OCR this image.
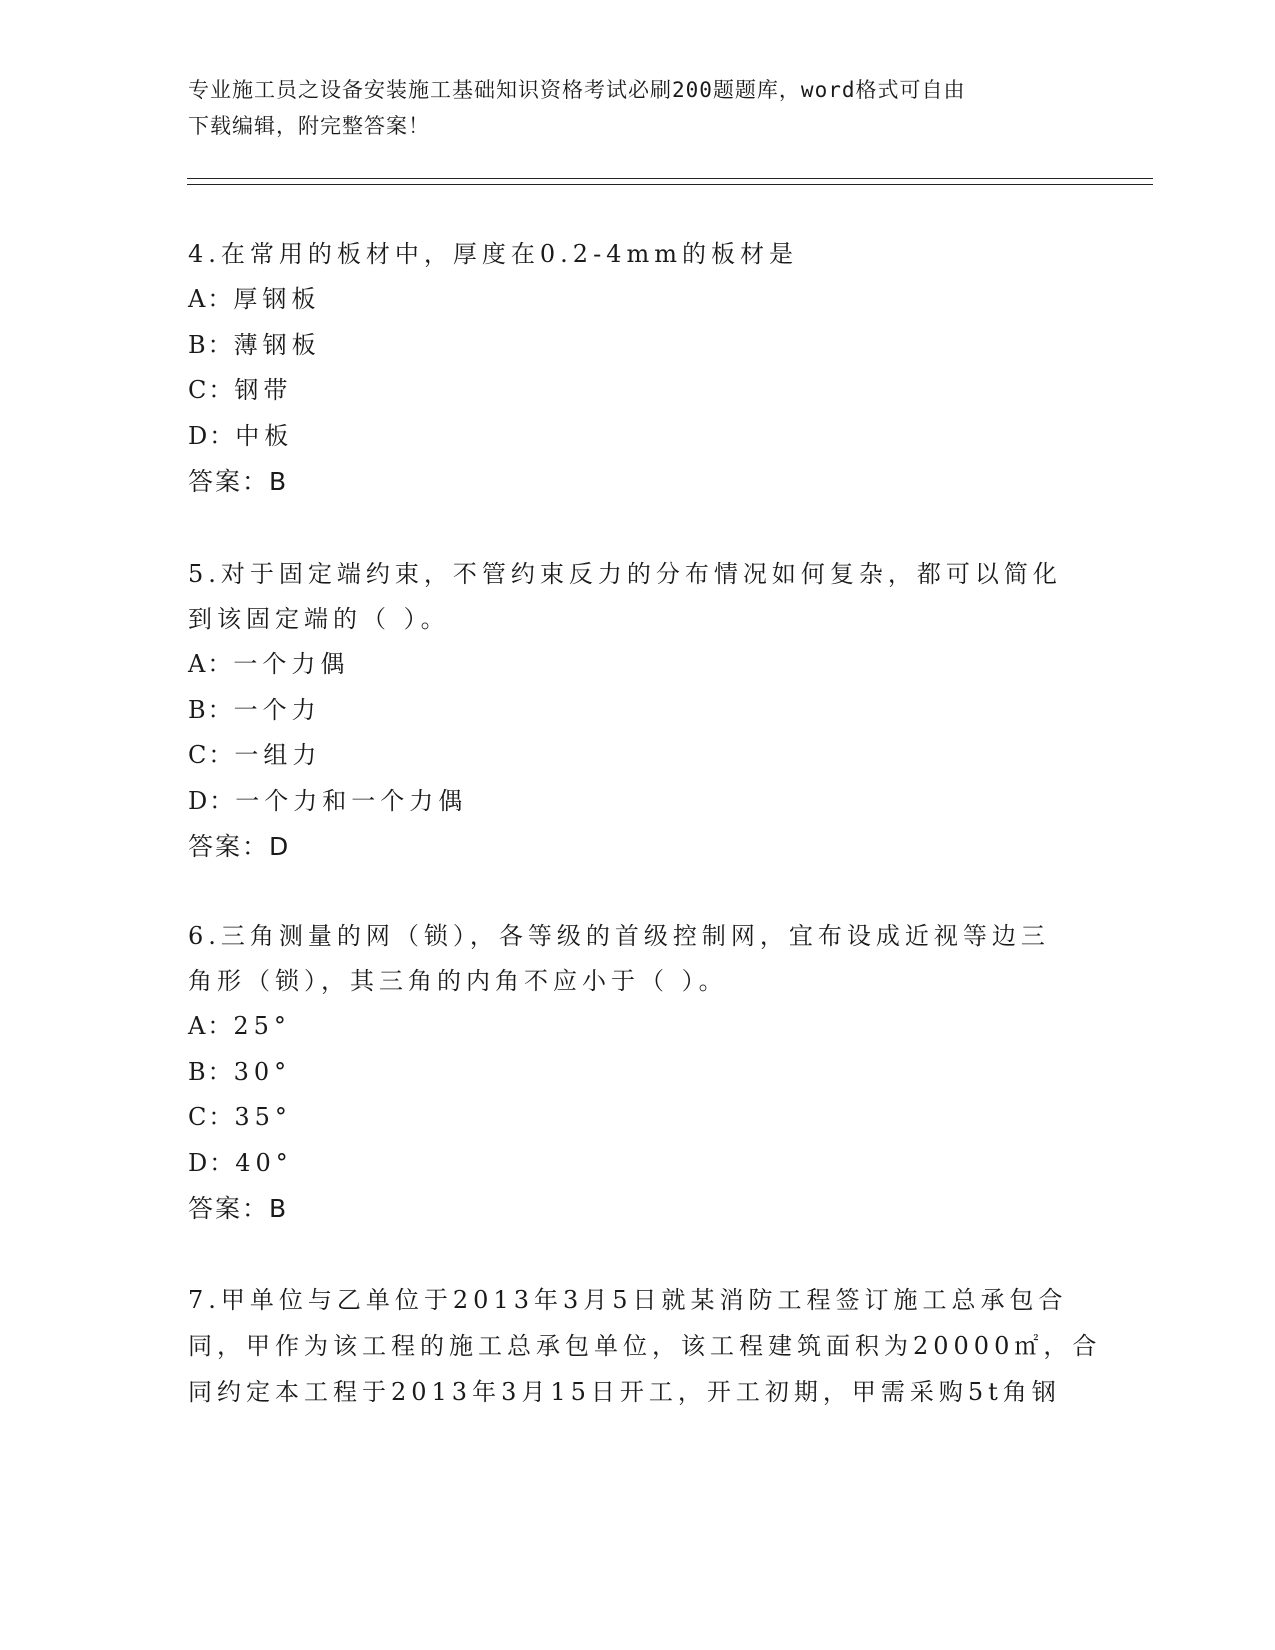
专业施工员之设备安装施工基础知识资格考试必刷200题题库，word格式可自由
下载编辑，附完整答案！
4.在常用的板材中，厚度在0.2-4mm的板材是
A：厚钢板
B：薄钢板
C：钢带
D：中板
答案：B
5.对于固定端约束，不管约束反力的分布情况如何复杂，都可以简化
到该固定端的（ ）。
A：一个力偶
B：一个力
C：一组力
D：一个力和一个力偶
答案：D
6.三角测量的网（锁），各等级的首级控制网，宜布设成近视等边三
角形（锁），其三角的内角不应小于（ ）。
A：25°
B：30°
C：35°
D：40°
答案：B
7.甲单位与乙单位于2013年3月5日就某消防工程签订施工总承包合
同，甲作为该工程的施工总承包单位，该工程建筑面积为20000㎡，合
同约定本工程于2013年3月15日开工，开工初期，甲需采购5t角钢
